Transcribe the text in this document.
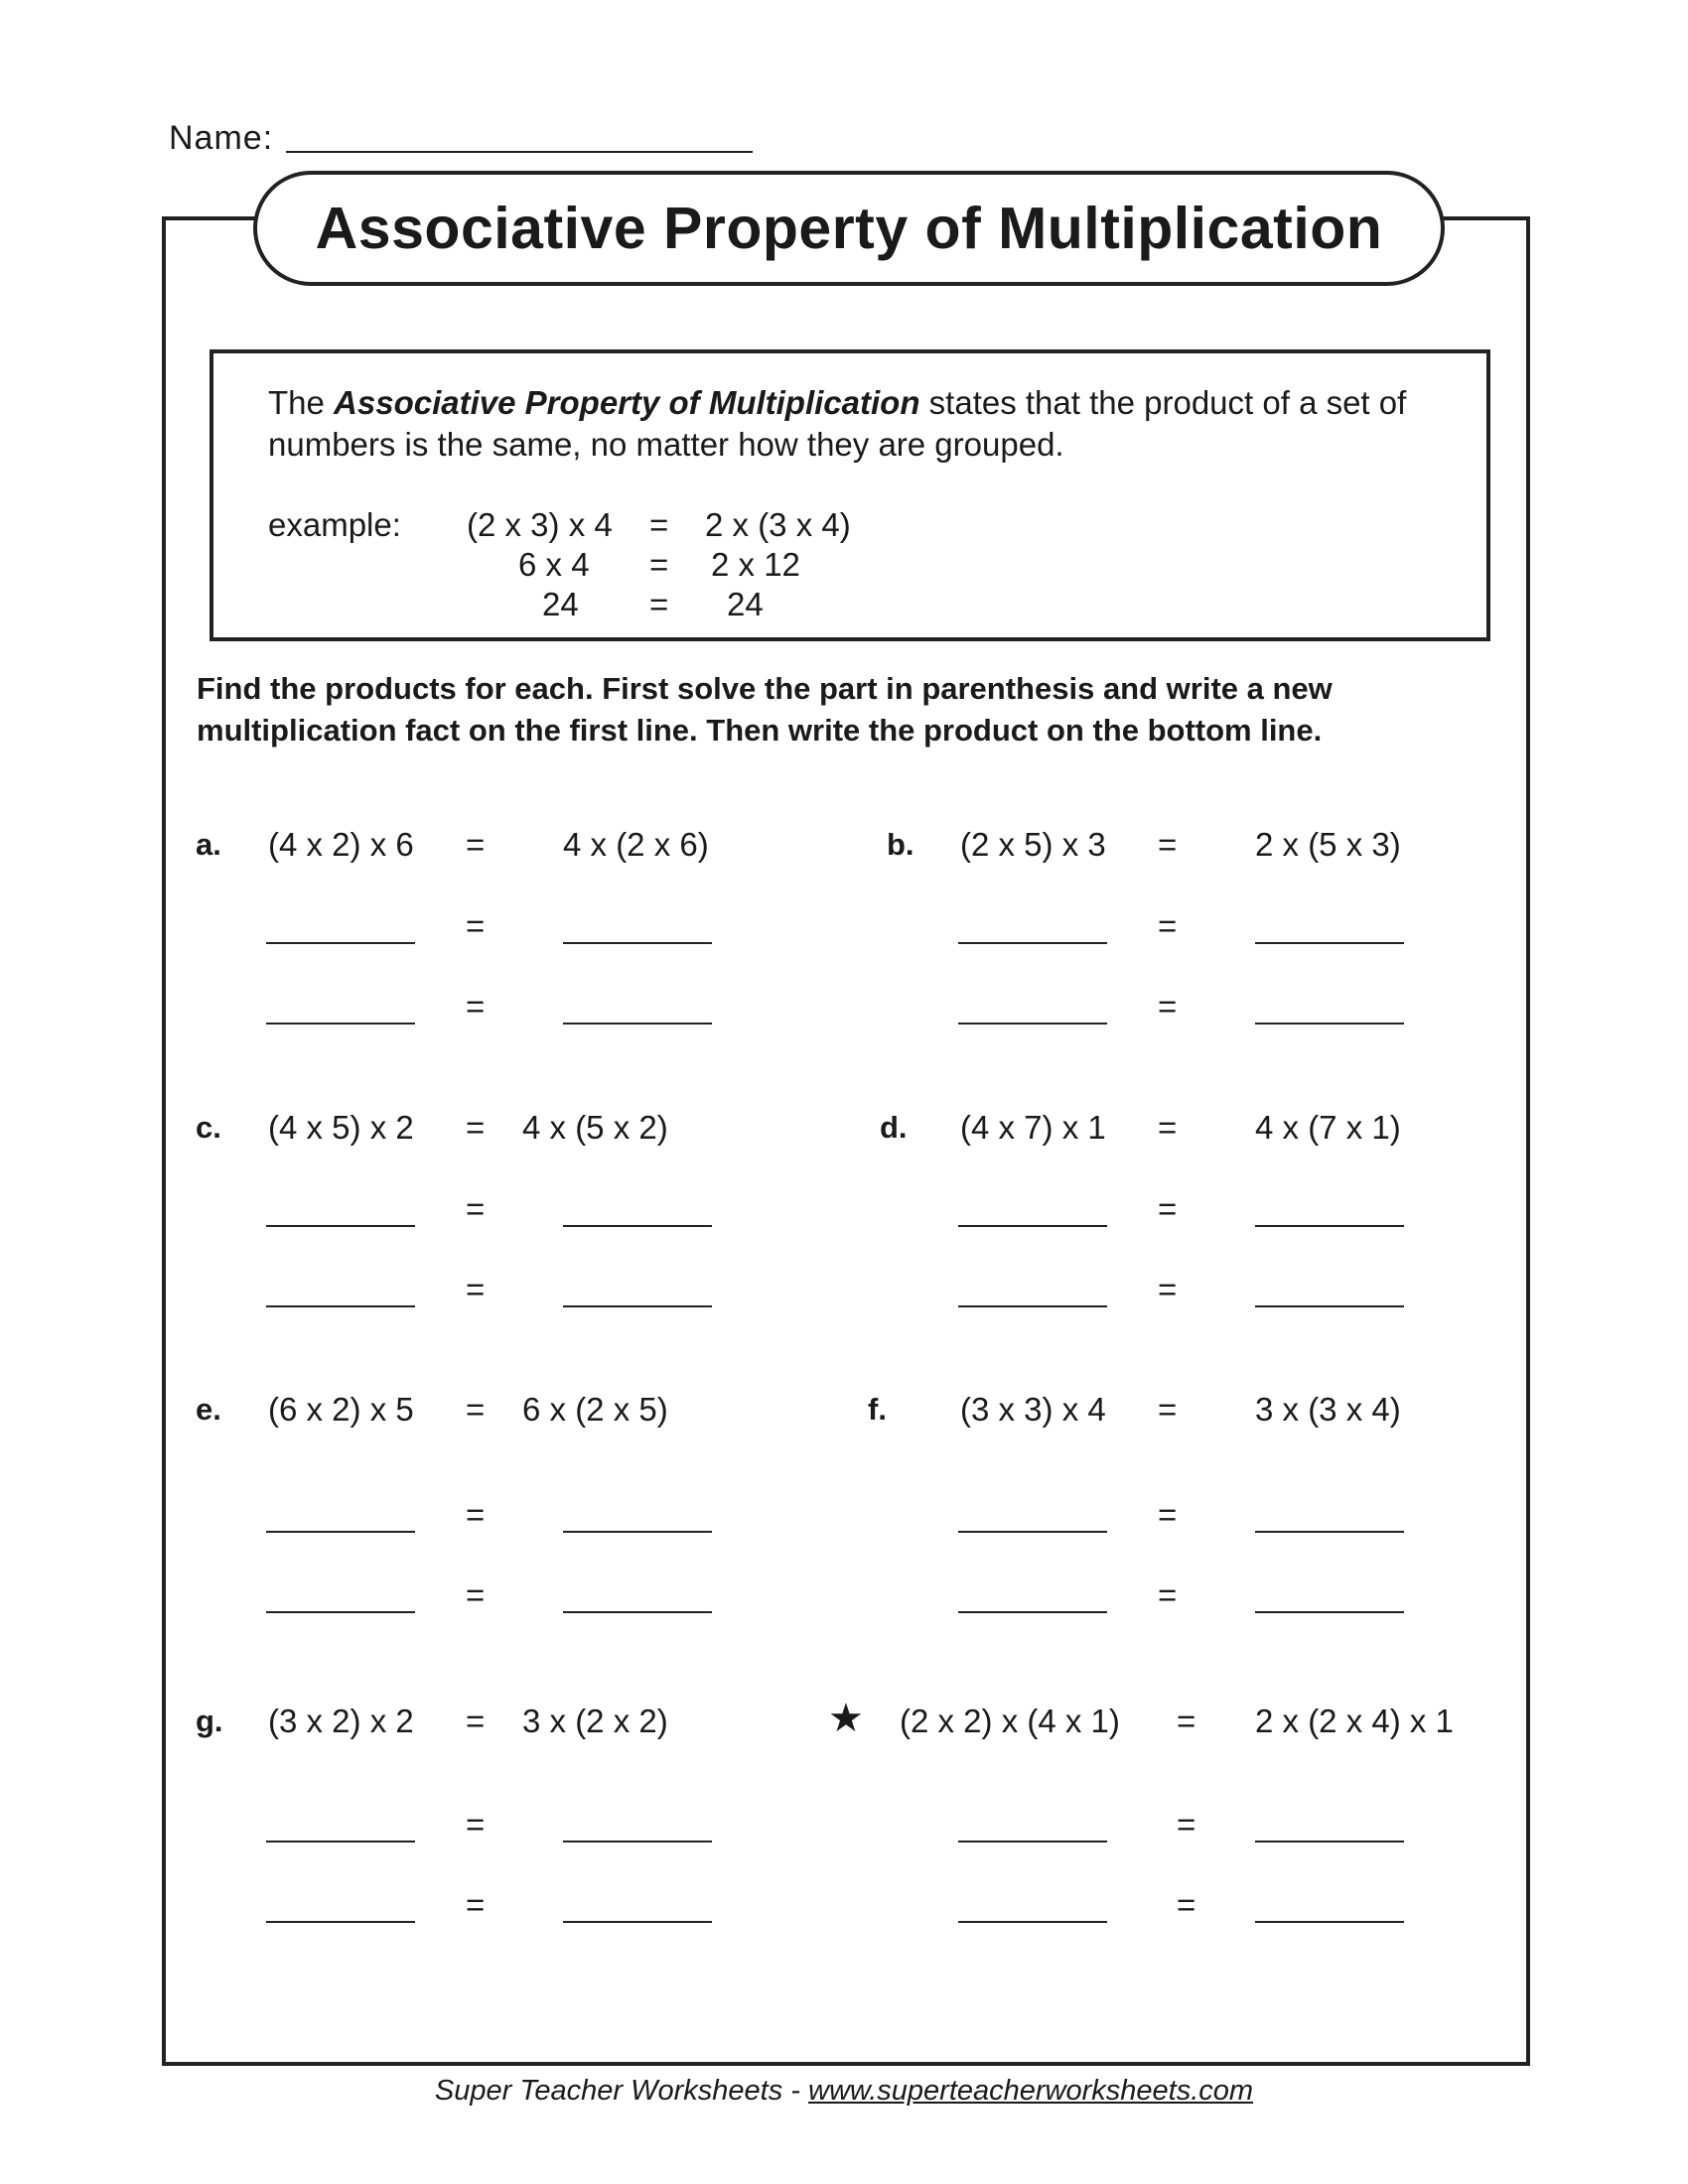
Name:
Associative Property of Multiplication
The Associative Property of Multiplication states that the product of a set of numbers is the same, no matter how they are grouped.
example: (2 x 3) x 4 = 2 x (3 x 4)
6 x 4 = 2 x 12
24 = 24
Find the products for each. First solve the part in parenthesis and write a new multiplication fact on the first line. Then write the product on the bottom line.
a. (4 x 2) x 6 = 4 x (2 x 6)
=
=
b. (2 x 5) x 3 = 2 x (5 x 3)
=
=
c. (4 x 5) x 2 = 4 x (5 x 2)
=
=
d. (4 x 7) x 1 = 4 x (7 x 1)
=
=
e. (6 x 2) x 5 = 6 x (2 x 5)
=
=
f. (3 x 3) x 4 = 3 x (3 x 4)
=
=
g. (3 x 2) x 2 = 3 x (2 x 2)
=
=
★ (2 x 2) x (4 x 1) = 2 x (2 x 4) x 1
=
=
Super Teacher Worksheets - www.superteacherworksheets.com
